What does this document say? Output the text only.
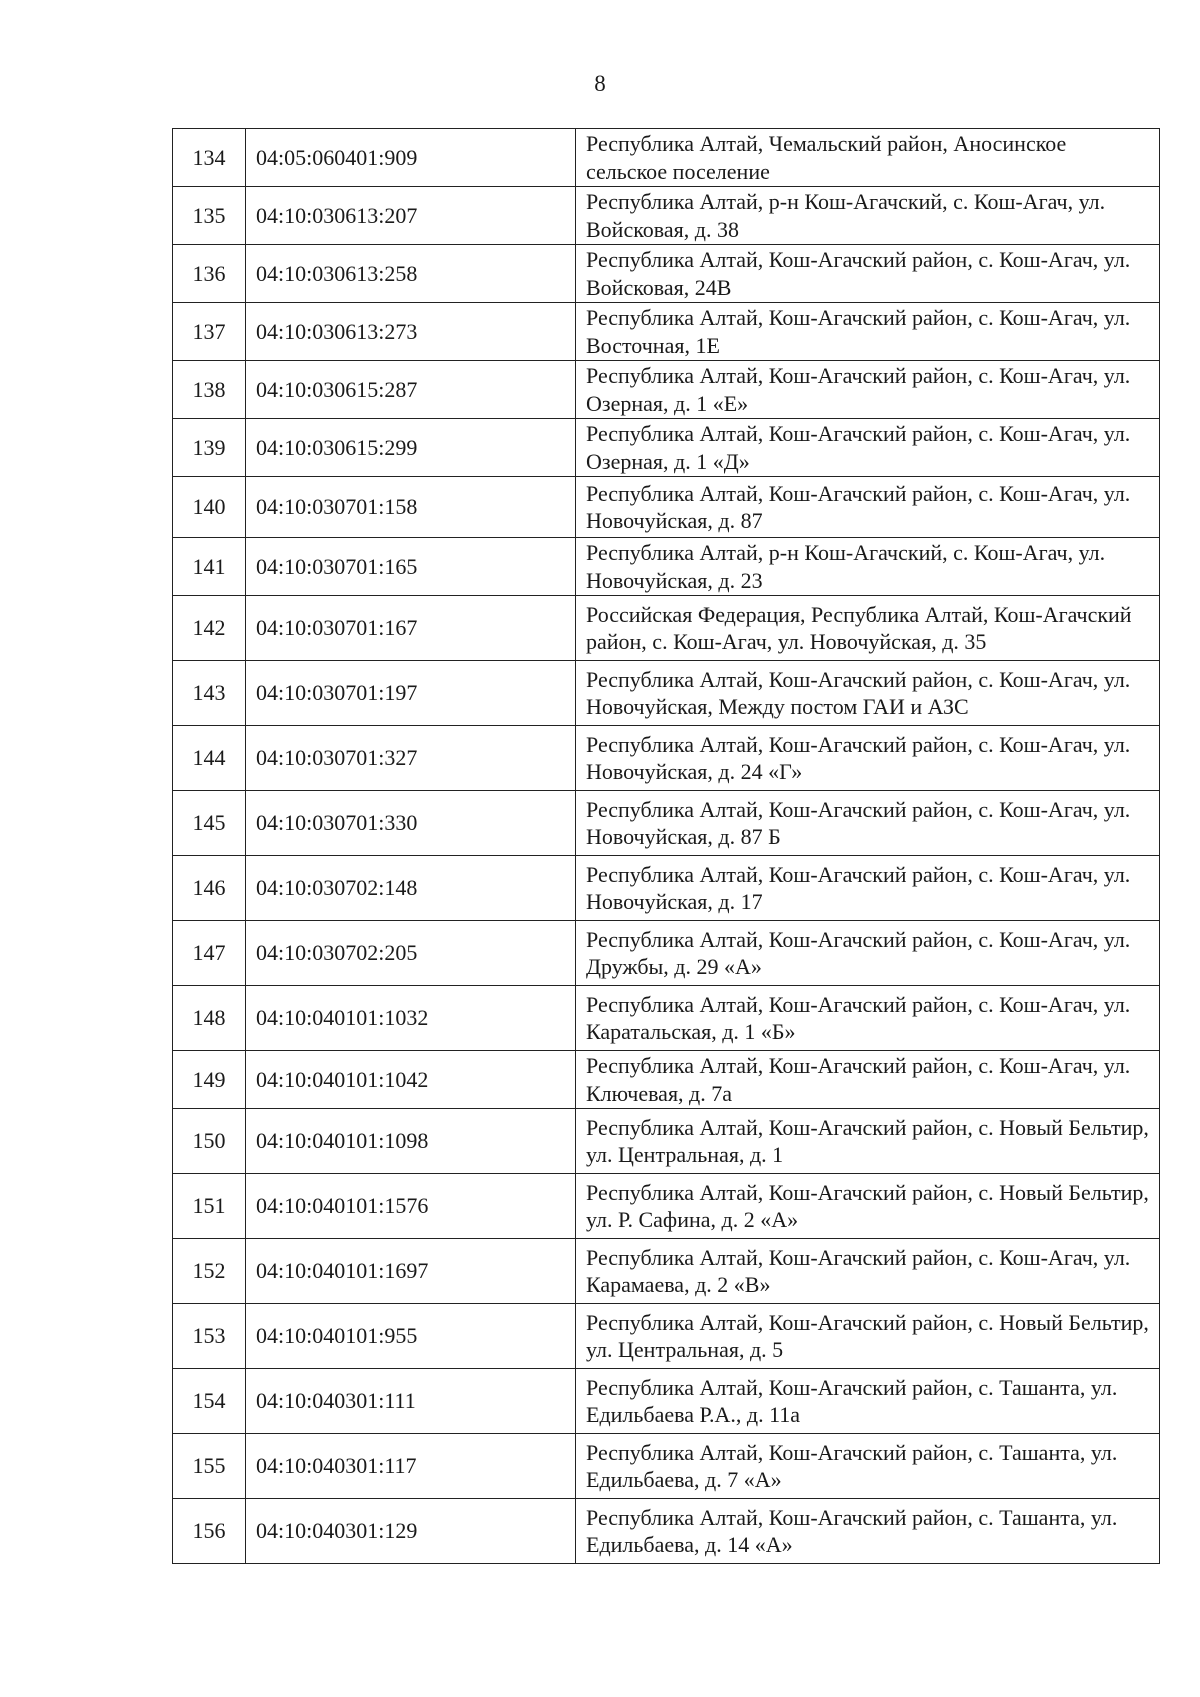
8
134	04:05:060401:909	Республика Алтай, Чемальский район, Аносинское сельское поселение
135	04:10:030613:207	Республика Алтай, р-н Кош-Агачский, с. Кош-Агач, ул. Войсковая, д. 38
136	04:10:030613:258	Республика Алтай, Кош-Агачский район, с. Кош-Агач, ул. Войсковая, 24В
137	04:10:030613:273	Республика Алтай, Кош-Агачский район, с. Кош-Агач, ул. Восточная, 1Е
138	04:10:030615:287	Республика Алтай, Кош-Агачский район, с. Кош-Агач, ул. Озерная, д. 1 «Е»
139	04:10:030615:299	Республика Алтай, Кош-Агачский район, с. Кош-Агач, ул. Озерная, д. 1 «Д»
140	04:10:030701:158	Республика Алтай, Кош-Агачский район, с. Кош-Агач, ул. Новочуйская, д. 87
141	04:10:030701:165	Республика Алтай, р-н Кош-Агачский, с. Кош-Агач, ул. Новочуйская, д. 23
142	04:10:030701:167	Российская Федерация, Республика Алтай, Кош-Агачский район, с. Кош-Агач, ул. Новочуйская, д. 35
143	04:10:030701:197	Республика Алтай, Кош-Агачский район, с. Кош-Агач, ул. Новочуйская, Между постом ГАИ и АЗС
144	04:10:030701:327	Республика Алтай, Кош-Агачский район, с. Кош-Агач, ул. Новочуйская, д. 24 «Г»
145	04:10:030701:330	Республика Алтай, Кош-Агачский район, с. Кош-Агач, ул. Новочуйская, д. 87 Б
146	04:10:030702:148	Республика Алтай, Кош-Агачский район, с. Кош-Агач, ул. Новочуйская, д. 17
147	04:10:030702:205	Республика Алтай, Кош-Агачский район, с. Кош-Агач, ул. Дружбы, д. 29 «А»
148	04:10:040101:1032	Республика Алтай, Кош-Агачский район, с. Кош-Агач, ул. Каратальская, д. 1 «Б»
149	04:10:040101:1042	Республика Алтай, Кош-Агачский район, с. Кош-Агач, ул. Ключевая, д. 7а
150	04:10:040101:1098	Республика Алтай, Кош-Агачский район, с. Новый Бельтир, ул. Центральная, д. 1
151	04:10:040101:1576	Республика Алтай, Кош-Агачский район, с. Новый Бельтир, ул. Р. Сафина, д. 2 «А»
152	04:10:040101:1697	Республика Алтай, Кош-Агачский район, с. Кош-Агач, ул. Карамаева, д. 2 «В»
153	04:10:040101:955	Республика Алтай, Кош-Агачский район, с. Новый Бельтир, ул. Центральная, д. 5
154	04:10:040301:111	Республика Алтай, Кош-Агачский район, с. Ташанта, ул. Едильбаева Р.А., д. 11а
155	04:10:040301:117	Республика Алтай, Кош-Агачский район, с. Ташанта, ул. Едильбаева, д. 7 «А»
156	04:10:040301:129	Республика Алтай, Кош-Агачский район, с. Ташанта, ул. Едильбаева, д. 14 «А»
